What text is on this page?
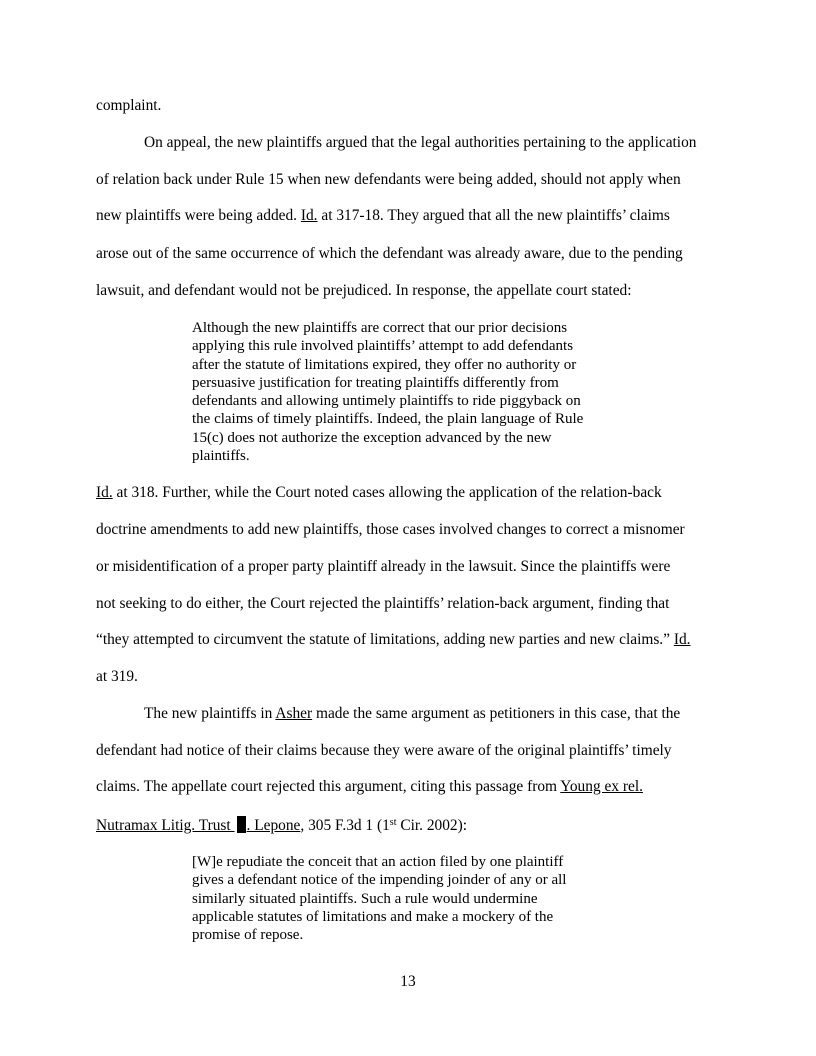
complaint.
On appeal, the new plaintiffs argued that the legal authorities pertaining to the application
of relation back under Rule 15 when new defendants were being added, should not apply when
new plaintiffs were being added. Id. at 317-18. They argued that all the new plaintiffs’ claims
arose out of the same occurrence of which the defendant was already aware, due to the pending
lawsuit, and defendant would not be prejudiced. In response, the appellate court stated:
Although the new plaintiffs are correct that our prior decisions
applying this rule involved plaintiffs’ attempt to add defendants
after the statute of limitations expired, they offer no authority or
persuasive justification for treating plaintiffs differently from
defendants and allowing untimely plaintiffs to ride piggyback on
the claims of timely plaintiffs. Indeed, the plain language of Rule
15(c) does not authorize the exception advanced by the new
plaintiffs.
Id. at 318. Further, while the Court noted cases allowing the application of the relation-back
doctrine amendments to add new plaintiffs, those cases involved changes to correct a misnomer
or misidentification of a proper party plaintiff already in the lawsuit. Since the plaintiffs were
not seeking to do either, the Court rejected the plaintiffs’ relation-back argument, finding that
“they attempted to circumvent the statute of limitations, adding new parties and new claims.” Id.
at 319.
The new plaintiffs in Asher made the same argument as petitioners in this case, that the
defendant had notice of their claims because they were aware of the original plaintiffs’ timely
claims. The appellate court rejected this argument, citing this passage from Young ex rel.
Nutramax Litig. Trust . Lepone, 305 F.3d 1 (1st Cir. 2002):
[W]e repudiate the conceit that an action filed by one plaintiff
gives a defendant notice of the impending joinder of any or all
similarly situated plaintiffs. Such a rule would undermine
applicable statutes of limitations and make a mockery of the
promise of repose.
13
